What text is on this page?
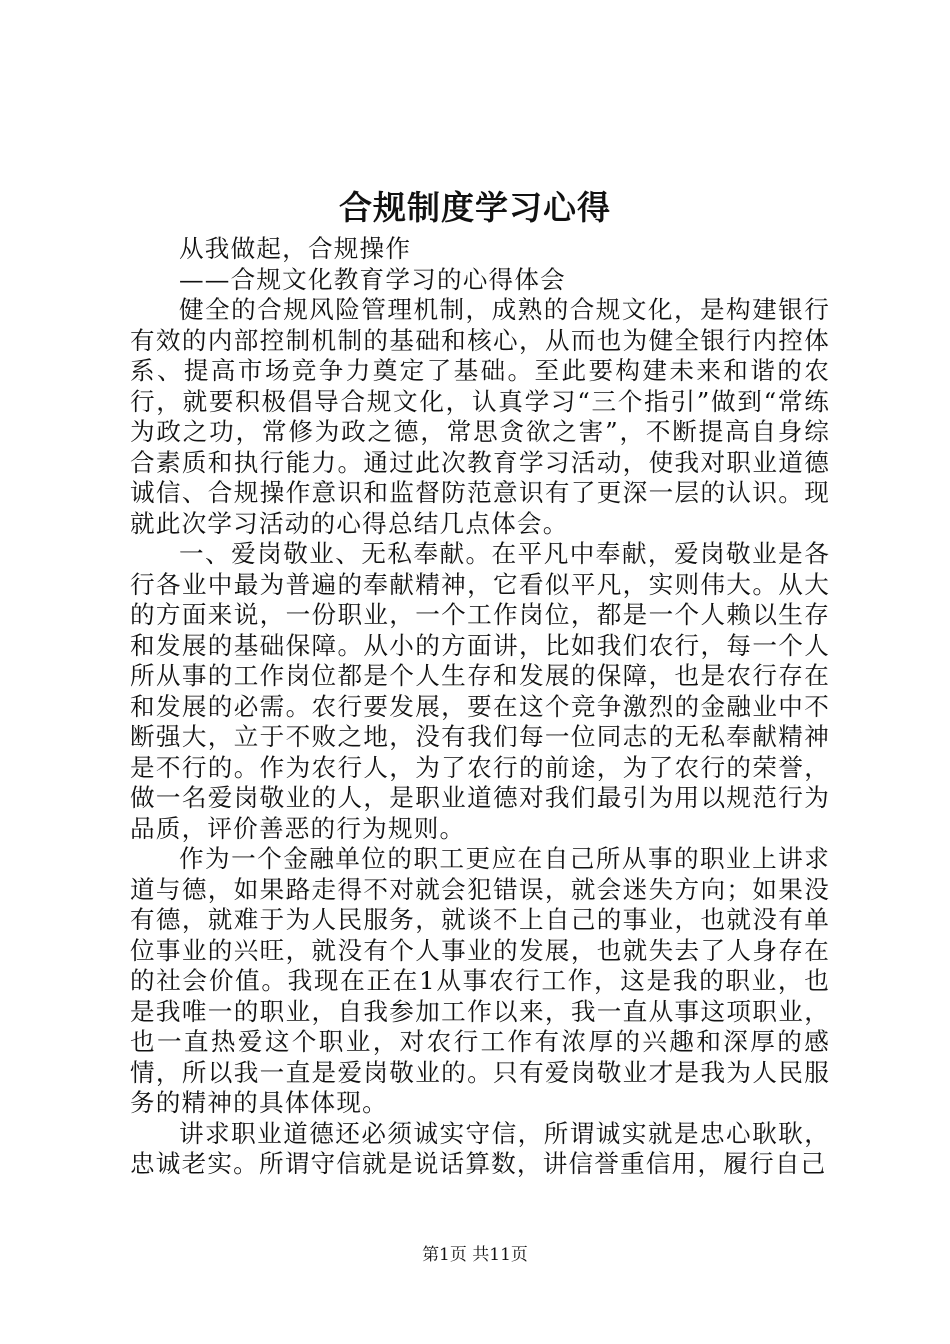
合规制度学习心得

从我做起，合规操作

——合规文化教育学习的心得体会

健全的合规风险管理机制，成熟的合规文化，是构建银行有效的内部控制机制的基础和核心，从而也为健全银行内控体系、提高市场竞争力奠定了基础。至此要构建未来和谐的农行，就要积极倡导合规文化，认真学习“三个指引”做到“常练为政之功，常修为政之德，常思贪欲之害”，不断提高自身综合素质和执行能力。通过此次教育学习活动，使我对职业道德诚信、合规操作意识和监督防范意识有了更深一层的认识。现就此次学习活动的心得总结几点体会。

一、爱岗敬业、无私奉献。在平凡中奉献，爱岗敬业是各行各业中最为普遍的奉献精神，它看似平凡，实则伟大。从大的方面来说，一份职业，一个工作岗位，都是一个人赖以生存和发展的基础保障。从小的方面讲，比如我们农行，每一个人所从事的工作岗位都是个人生存和发展的保障，也是农行存在和发展的必需。农行要发展，要在这个竞争激烈的金融业中不断强大，立于不败之地，没有我们每一位同志的无私奉献精神是不行的。作为农行人，为了农行的前途，为了农行的荣誉，做一名爱岗敬业的人，是职业道德对我们最引为用以规范行为品质，评价善恶的行为规则。

作为一个金融单位的职工更应在自己所从事的职业上讲求道与德，如果路走得不对就会犯错误，就会迷失方向；如果没有德，就难于为人民服务，就谈不上自己的事业，也就没有单位事业的兴旺，就没有个人事业的发展，也就失去了人身存在的社会价值。我现在正在1从事农行工作，这是我的职业，也是我唯一的职业，自我参加工作以来，我一直从事这项职业，也一直热爱这个职业，对农行工作有浓厚的兴趣和深厚的感情，所以我一直是爱岗敬业的。只有爱岗敬业才是我为人民服务的精神的具体体现。

讲求职业道德还必须诚实守信，所谓诚实就是忠心耿耿，忠诚老实。所谓守信就是说话算数，讲信誉重信用，履行自己

第1页 共11页
